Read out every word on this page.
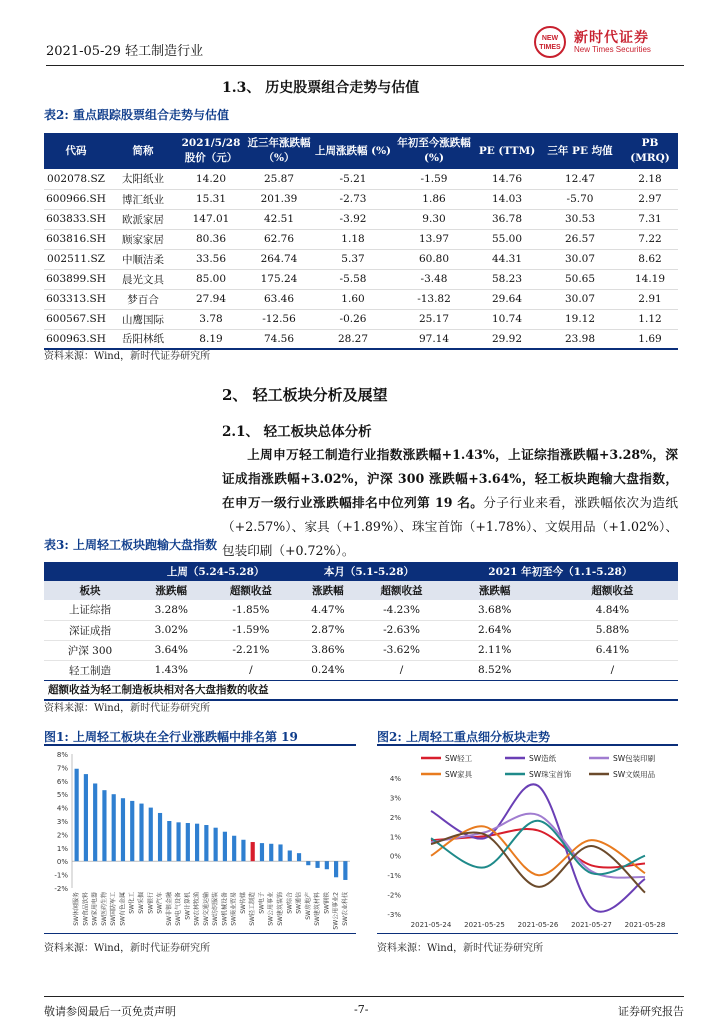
2021-05-29 轻工制造行业
NEW TIMES
新时代证券
New Times Securities
1.3、 历史股票组合走势与估值
表2: 重点跟踪股票组合走势与估值
代码	简称	2021/5/28 股价（元）	近三年涨跌幅（%）	上周涨跌幅 (%)	年初至今涨跌幅 (%)	PE (TTM)	三年 PE 均值	PB (MRQ)
002078.SZ	太阳纸业	14.20	25.87	-5.21	-1.59	14.76	12.47	2.18
600966.SH	博汇纸业	15.31	201.39	-2.73	1.86	14.03	-5.70	2.97
603833.SH	欧派家居	147.01	42.51	-3.92	9.30	36.78	30.53	7.31
603816.SH	顾家家居	80.36	62.76	1.18	13.97	55.00	26.57	7.22
002511.SZ	中顺洁柔	33.56	264.74	5.37	60.80	44.31	30.07	8.62
603899.SH	晨光文具	85.00	175.24	-5.58	-3.48	58.23	50.65	14.19
603313.SH	梦百合	27.94	63.46	1.60	-13.82	29.64	30.07	2.91
600567.SH	山鹰国际	3.78	-12.56	-0.26	25.17	10.74	19.12	1.12
600963.SH	岳阳林纸	8.19	74.56	28.27	97.14	29.92	23.98	1.69
资料来源：Wind，新时代证券研究所
2、 轻工板块分析及展望
2.1、 轻工板块总体分析
上周申万轻工制造行业指数涨跌幅+1.43%，上证综指涨跌幅+3.28%，深证成指涨跌幅+3.02%，沪深 300 涨跌幅+3.64%，轻工板块跑输大盘指数，在申万一级行业涨跌幅排名中位列第 19 名。分子行业来看，涨跌幅依次为造纸（+2.57%）、家具（+1.89%）、珠宝首饰（+1.78%）、文娱用品（+1.02%）、包装印刷（+0.72%）。
表3: 上周轻工板块跑输大盘指数
	上周（5.24-5.28）		本月（5.1-5.28）		2021 年初至今（1.1-5.28）	
板块	涨跌幅	超额收益	涨跌幅	超额收益	涨跌幅	超额收益
上证综指	3.28%	-1.85%	4.47%	-4.23%	3.68%	4.84%
深证成指	3.02%	-1.59%	2.87%	-2.63%	2.64%	5.88%
沪深 300	3.64%	-2.21%	3.86%	-3.62%	2.11%	6.41%
轻工制造	1.43%	/	0.24%	/	8.52%	/
超额收益为轻工制造板块相对各大盘指数的收益						
资料来源：Wind，新时代证券研究所
图1: 上周轻工板块在全行业涨跌幅中排名第 19	图2: 上周轻工重点细分板块走势
8%
7%
6%
5%
4%
3%
2%
1%
0%
-1%
-2%
SW休闲服务 SW食品饮料 SW家用电器 SW医药生物 SW国防军工 SW有色金属 SW化工 SW采掘 SW银行 SW汽车 SW非银金融 SW电气设备 SW计算机 SW农林牧渔 SW交通运输 SW纺织服装 SW机械设备 SW商业贸易 SW传媒 SW轻工制造 SW电子 SW公用事业 SW建筑装饰 SW综合 SW通信 SW房地产 SW建筑材料 SW钢铁 SW公用事业2 SW农业科技
SW轻工	SW造纸	SW包装印刷
SW家具	SW珠宝首饰	SW文娱用品
4%
3%
2%
1%
0%
-1%
-2%
-3%
2021-05-24 2021-05-25 2021-05-26 2021-05-27 2021-05-28
资料来源：Wind，新时代证券研究所	资料来源：Wind，新时代证券研究所
敬请参阅最后一页免责声明	-7-	证券研究报告
